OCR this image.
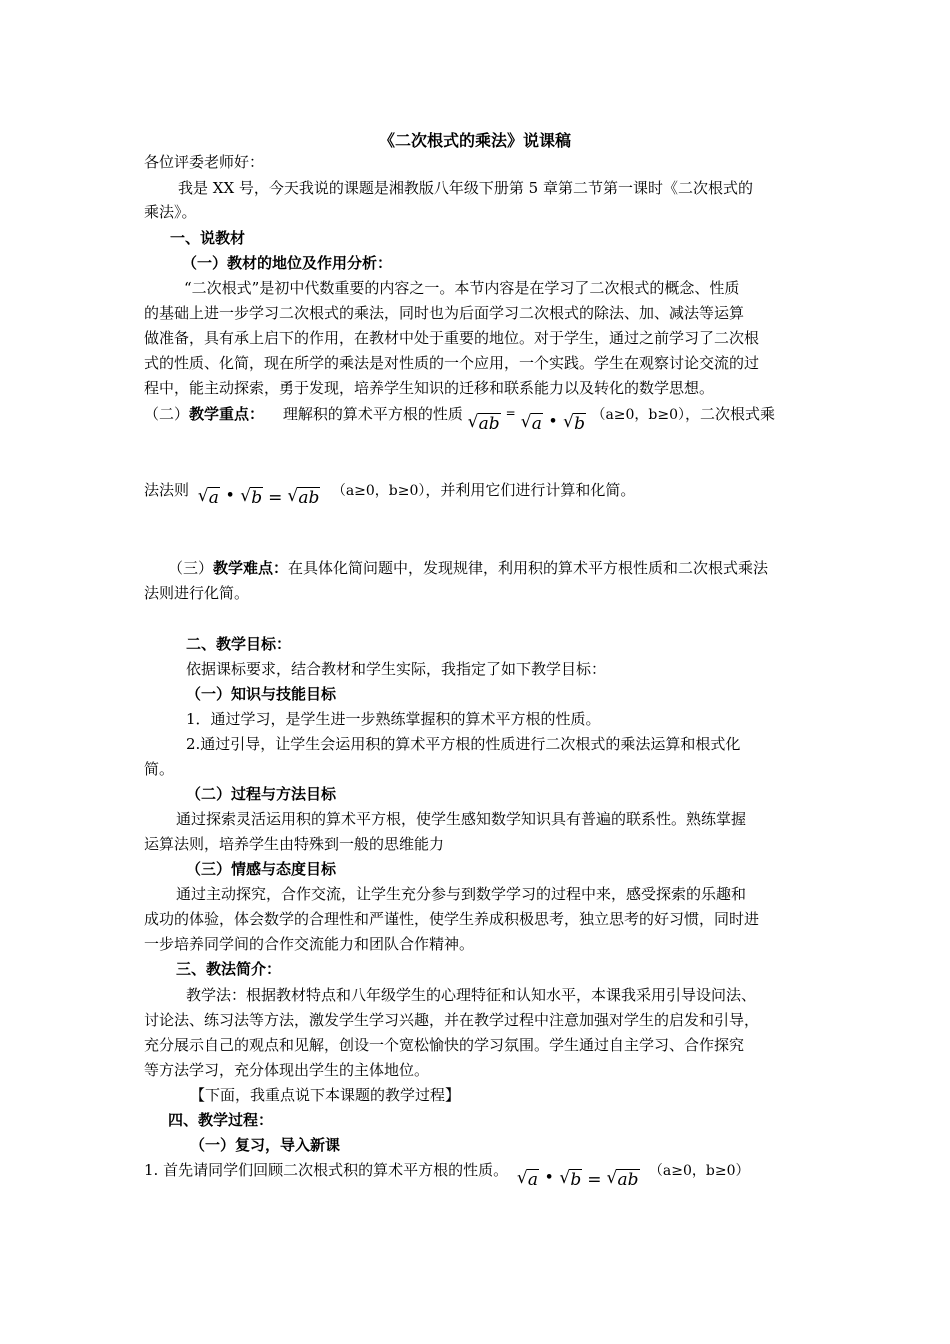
《二次根式的乘法》说课稿
各位评委老师好：
我是 XX 号，今天我说的课题是湘教版八年级下册第 5 章第二节第一课时《二次根式的
乘法》。
一、说教材
（一）教材的地位及作用分析：
“二次根式”是初中代数重要的内容之一。本节内容是在学习了二次根式的概念、性质
的基础上进一步学习二次根式的乘法，同时也为后面学习二次根式的除法、加、减法等运算
做准备，具有承上启下的作用，在教材中处于重要的地位。对于学生，通过之前学习了二次根
式的性质、化简，现在所学的乘法是对性质的一个应用，一个实践。学生在观察讨论交流的过
程中，能主动探索，勇于发现，培养学生知识的迁移和联系能力以及转化的数学思想。
（二）教学重点： 理解积的算术平方根的性质 √ ab= √ a • √ b （a≥0，b≥0），二次根式乘
法法则 √ a • √ b = √ ab （a≥0，b≥0），并利用它们进行计算和化简。
（三）教学难点：在具体化简问题中，发现规律，利用积的算术平方根性质和二次根式乘法
法则进行化简。
二、教学目标：
依据课标要求，结合教材和学生实际，我指定了如下教学目标：
（一）知识与技能目标
1．通过学习，是学生进一步熟练掌握积的算术平方根的性质。
2.通过引导，让学生会运用积的算术平方根的性质进行二次根式的乘法运算和根式化
简。
（二）过程与方法目标
通过探索灵活运用积的算术平方根，使学生感知数学知识具有普遍的联系性。熟练掌握
运算法则，培养学生由特殊到一般的思维能力
（三）情感与态度目标
通过主动探究，合作交流，让学生充分参与到数学学习的过程中来，感受探索的乐趣和
成功的体验，体会数学的合理性和严谨性，使学生养成积极思考，独立思考的好习惯，同时进
一步培养同学间的合作交流能力和团队合作精神。
三、教法简介：
教学法：根据教材特点和八年级学生的心理特征和认知水平，本课我采用引导设问法、
讨论法、练习法等方法，激发学生学习兴趣，并在教学过程中注意加强对学生的启发和引导，
充分展示自己的观点和见解，创设一个宽松愉快的学习氛围。学生通过自主学习、合作探究
等方法学习，充分体现出学生的主体地位。
【下面，我重点说下本课题的教学过程】
四、教学过程：
（一）复习，导入新课
1. 首先请同学们回顾二次根式积的算术平方根的性质。 √ a • √ b = √ ab （a≥0，b≥0）
